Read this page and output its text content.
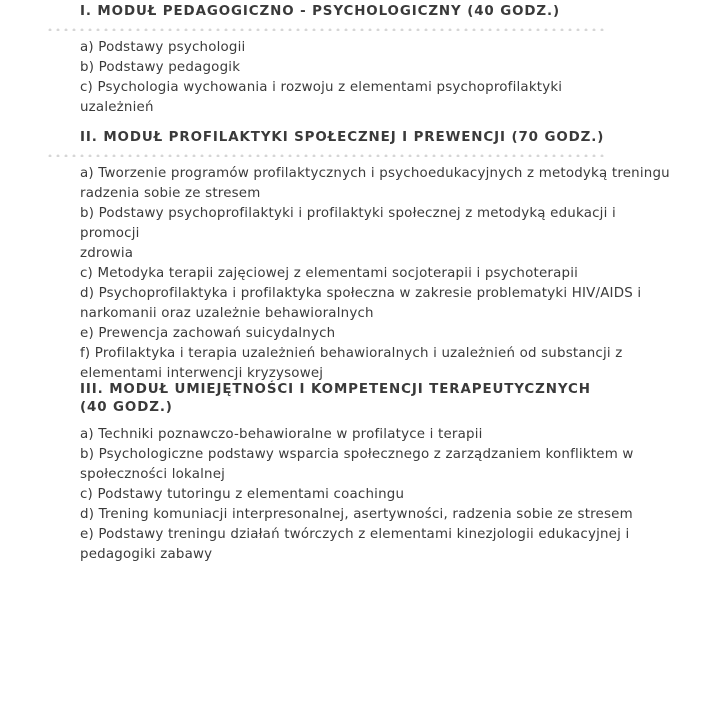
I. MODUŁ PEDAGOGICZNO - PSYCHOLOGICZNY (40 GODZ.)
a) Podstawy psychologii
b) Podstawy pedagogik
c) Psychologia wychowania i rozwoju z elementami psychoprofilaktyki
uzależnień
II. MODUŁ PROFILAKTYKI SPOŁECZNEJ I PREWENCJI (70 GODZ.)
a) Tworzenie programów profilaktycznych i psychoedukacyjnych z metodyką treningu
radzenia sobie ze stresem
b) Podstawy psychoprofilaktyki i profilaktyki społecznej z metodyką edukacji i promocji
zdrowia
c) Metodyka terapii zajęciowej z elementami socjoterapii i psychoterapii
d) Psychoprofilaktyka i profilaktyka społeczna w zakresie problematyki HIV/AIDS i
narkomanii oraz uzależnie behawioralnych
e) Prewencja zachowań suicydalnych
f) Profilaktyka i terapia uzależnień behawioralnych i uzależnień od substancji z
elementami interwencji kryzysowej
III. MODUŁ UMIEJĘTNOŚCI I KOMPETENCJI TERAPEUTYCZNYCH
(40 GODZ.)
a) Techniki poznawczo-behawioralne w profilatyce i terapii
b) Psychologiczne podstawy wsparcia społecznego z zarządzaniem konfliktem w
społeczności lokalnej
c) Podstawy tutoringu z elementami coachingu
d) Trening komuniacji interpresonalnej, asertywności, radzenia sobie ze stresem
e) Podstawy treningu działań twórczych z elementami kinezjologii edukacyjnej i
pedagogiki zabawy
